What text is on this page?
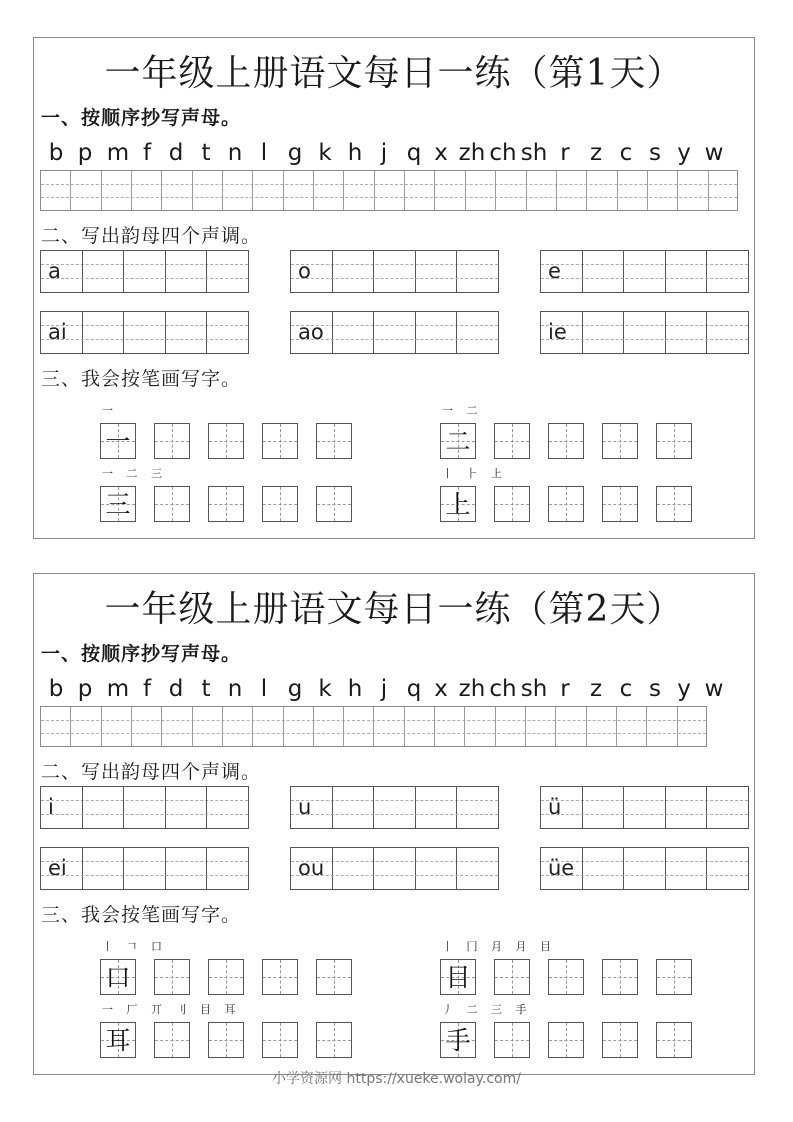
一年级上册语文每日一练（第1天）
一、按顺序抄写声母。
b p m f d t n l g k h j q x zh ch sh r z c s y w
二、写出韵母四个声调。
a	o	e
ai	ao	ie
三、我会按笔画写字。
一
一
一 二
二
一 二 三
三
丨 ⺊ 上
上
一年级上册语文每日一练（第2天）
一、按顺序抄写声母。
b p m f d t n l g k h j q x zh ch sh r z c s y w
二、写出韵母四个声调。
i	u	ü
ei	ou	üe
三、我会按笔画写字。
丨 𠃍 口
口
丨 冂 月 月 目
目
一 厂 丌 刂 目 耳
耳
丿 二 三 手
手
小学资源网 https://xueke.wolay.com/
